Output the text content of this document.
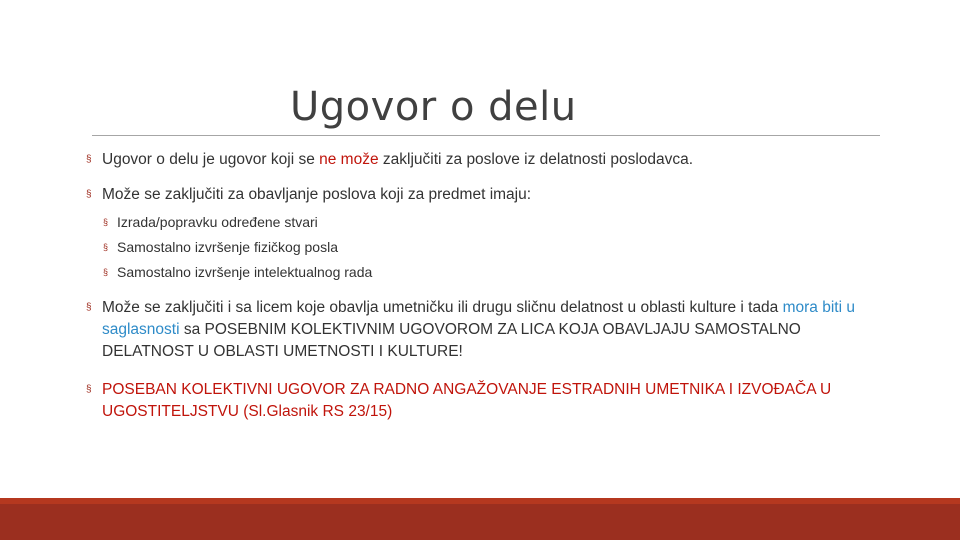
Ugovor o delu
§ Ugovor o delu je ugovor koji se ne može zaključiti za poslove iz delatnosti poslodavca.
§ Može se zaključiti za obavljanje poslova koji za predmet imaju:
§ Izrada/popravku određene stvari
§ Samostalno izvršenje fizičkog posla
§ Samostalno izvršenje intelektualnog rada
§ Može se zaključiti i sa licem koje obavlja umetničku ili drugu sličnu delatnost u oblasti kulture i tada mora biti u saglasnosti sa POSEBNIM KOLEKTIVNIM UGOVOROM ZA LICA KOJA OBAVLJAJU SAMOSTALNO DELATNOST U OBLASTI UMETNOSTI I KULTURE!
§ POSEBAN KOLEKTIVNI UGOVOR ZA RADNO ANGAŽOVANJE ESTRADNIH UMETNIKA I IZVOĐAČA U UGOSTITELJSTVU (Sl.Glasnik RS 23/15)
